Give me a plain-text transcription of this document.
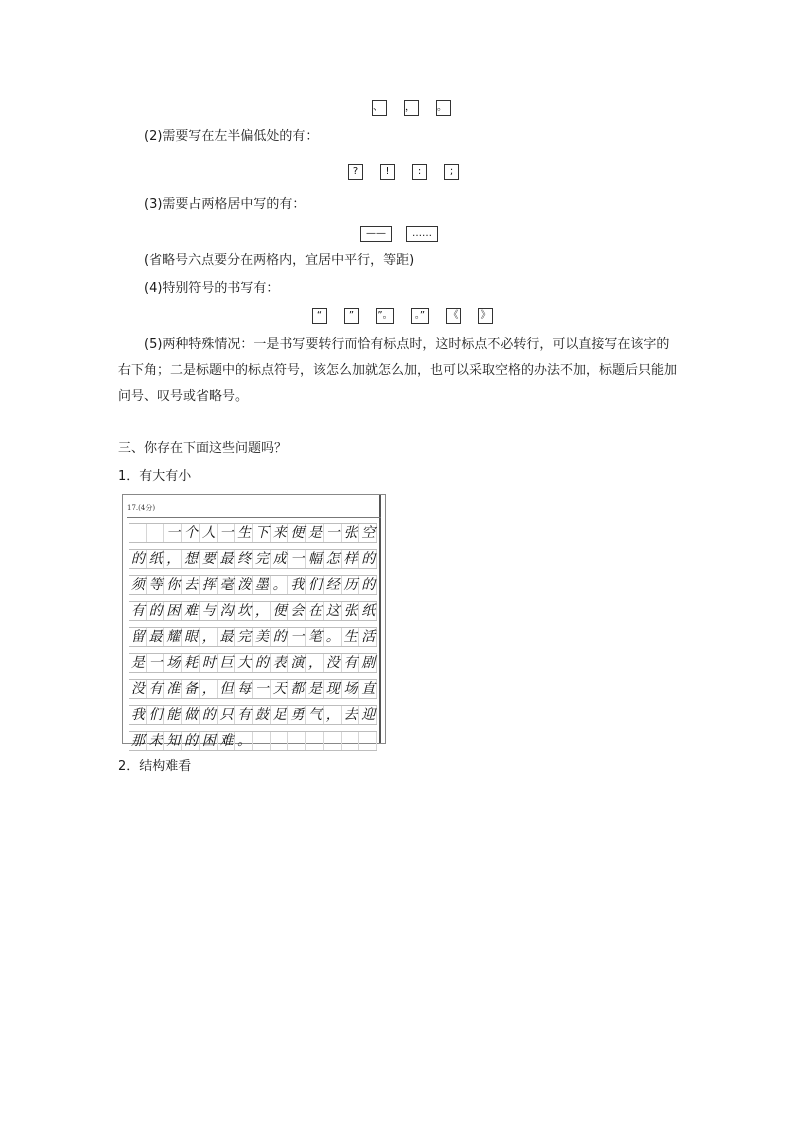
、	，	。
(2)需要写在左半偏低处的有：
?	!	:	;
(3)需要占两格居中写的有：
——	……
(省略号六点要分在两格内，宜居中平行，等距)
(4)特别符号的书写有：
“	”	”。	。”	《 》
(5)两种特殊情况：一是书写要转行而恰有标点时，这时标点不必转行，可以直接写在该字的右下角；二是标题中的标点符号，该怎么加就怎么加，也可以采取空格的办法不加，标题后只能加问号、叹号或省略号。
三、你存在下面这些问题吗？
1．有大有小
17.(4分)
一 个 人 一 生 下 来 便 是 一 张 空
的 纸 ， 想 要 最 终 完 成 一 幅 怎 样 的
须 等 你 去 挥 毫 泼 墨 。 我 们 经 历 的
有 的 困 难 与 沟 坎 ， 便 会 在 这 张 纸
留 最 耀 眼 ， 最 完 美 的 一 笔 。 生 活
是 一 场 耗 时 巨 大 的 表 演 ， 没 有 剧
没 有 准 备 ， 但 每 一 天 都 是 现 场 直
我 们 能 做 的 只 有 鼓 足 勇 气 ， 去 迎
那 未 知 的 困 难 。
2．结构难看
